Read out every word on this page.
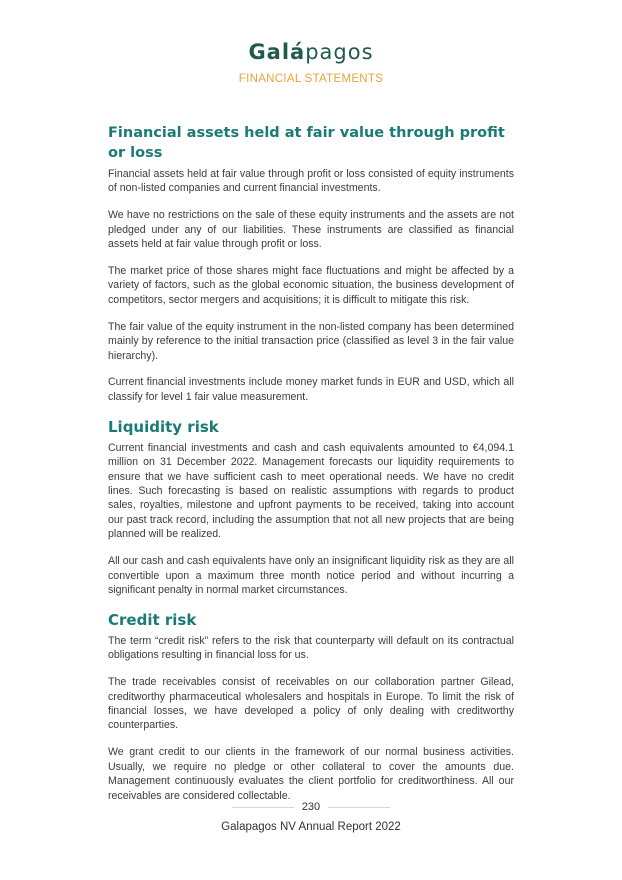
Galápagos
FINANCIAL STATEMENTS
Financial assets held at fair value through profit or loss

Financial assets held at fair value through profit or loss consisted of equity instruments of non-listed companies and current financial investments.

We have no restrictions on the sale of these equity instruments and the assets are not pledged under any of our liabilities. These instruments are classified as financial assets held at fair value through profit or loss.

The market price of those shares might face fluctuations and might be affected by a variety of factors, such as the global economic situation, the business development of competitors, sector mergers and acquisitions; it is difficult to mitigate this risk.

The fair value of the equity instrument in the non-listed company has been determined mainly by reference to the initial transaction price (classified as level 3 in the fair value hierarchy).

Current financial investments include money market funds in EUR and USD, which all classify for level 1 fair value measurement.

Liquidity risk

Current financial investments and cash and cash equivalents amounted to €4,094.1 million on 31 December 2022. Management forecasts our liquidity requirements to ensure that we have sufficient cash to meet operational needs. We have no credit lines. Such forecasting is based on realistic assumptions with regards to product sales, royalties, milestone and upfront payments to be received, taking into account our past track record, including the assumption that not all new projects that are being planned will be realized.

All our cash and cash equivalents have only an insignificant liquidity risk as they are all convertible upon a maximum three month notice period and without incurring a significant penalty in normal market circumstances.

Credit risk

The term “credit risk” refers to the risk that counterparty will default on its contractual obligations resulting in financial loss for us.

The trade receivables consist of receivables on our collaboration partner Gilead, creditworthy pharmaceutical wholesalers and hospitals in Europe. To limit the risk of financial losses, we have developed a policy of only dealing with creditworthy counterparties.

We grant credit to our clients in the framework of our normal business activities. Usually, we require no pledge or other collateral to cover the amounts due. Management continuously evaluates the client portfolio for creditworthiness. All our receivables are considered collectable.

230
Galapagos NV Annual Report 2022
